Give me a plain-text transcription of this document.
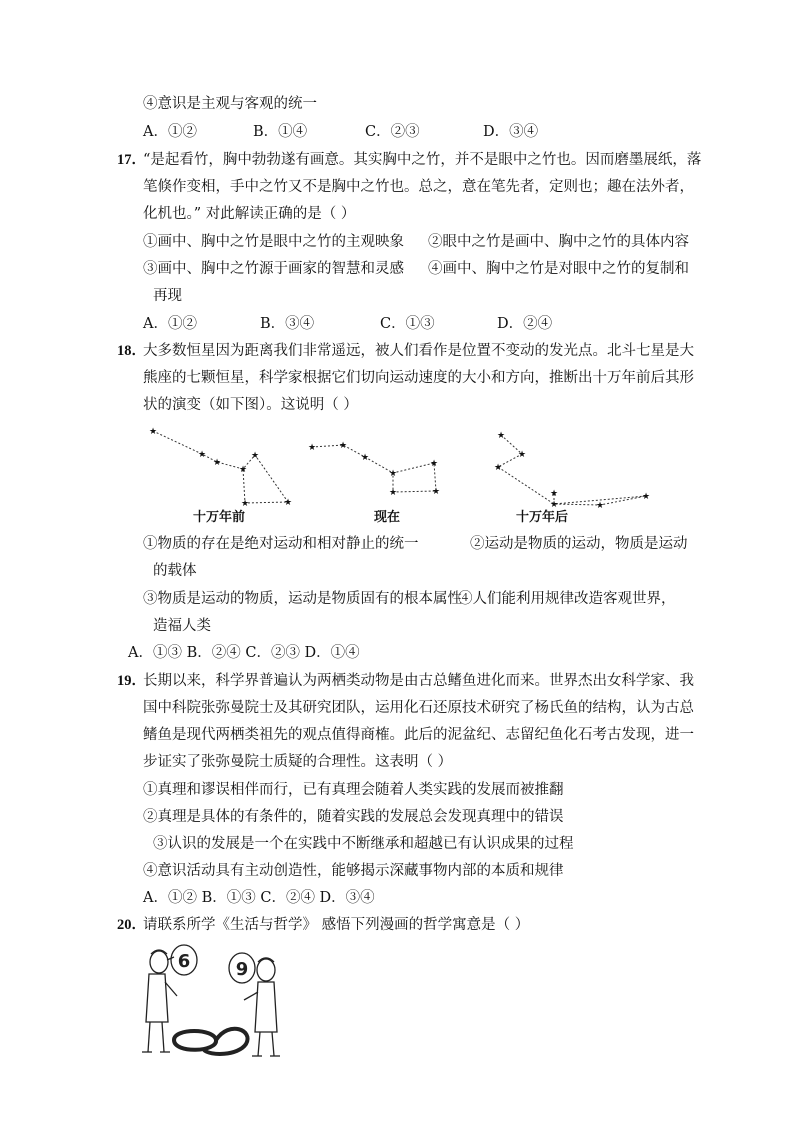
④意识是主观与客观的统一
A．①②	B．①④	C．②③	D．③④
17．
“是起看竹，胸中勃勃遂有画意。其实胸中之竹，并不是眼中之竹也。因而磨墨展纸，落
笔倏作变相，手中之竹又不是胸中之竹也。总之，意在笔先者，定则也；趣在法外者，
化机也。” 对此解读正确的是（ ）
①画中、胸中之竹是眼中之竹的主观映象 ②眼中之竹是画中、胸中之竹的具体内容
③画中、胸中之竹源于画家的智慧和灵感 ④画中、胸中之竹是对眼中之竹的复制和
再现
A．①②	B．③④	C．①③	D．②④
18．
大多数恒星因为距离我们非常遥远，被人们看作是位置不变动的发光点。北斗七星是大
熊座的七颗恒星，科学家根据它们切向运动速度的大小和方向，推断出十万年前后其形
状的演变（如下图）。这说明（ ）
★
★
★
★
★
★
★
★	★
★
★
★
★
★
★
★
★
★
★	★
★
十万年前	现在	十万年后
①物质的存在是绝对运动和相对静止的统一	②运动是物质的运动，物质是运动
的载体
③物质是运动的物质，运动是物质固有的根本属性
④人们能利用规律改造客观世界，
造福人类
A．①③ B．②④ C．②③ D．①④
19．
长期以来，科学界普遍认为两栖类动物是由古总鳍鱼进化而来。世界杰出女科学家、我
国中科院张弥曼院士及其研究团队，运用化石还原技术研究了杨氏鱼的结构，认为古总
鳍鱼是现代两栖类祖先的观点值得商榷。此后的泥盆纪、志留纪鱼化石考古发现，进一
步证实了张弥曼院士质疑的合理性。这表明（ ）
①真理和谬误相伴而行，已有真理会随着人类实践的发展而被推翻
②真理是具体的有条件的，随着实践的发展总会发现真理中的错误
③认识的发展是一个在实践中不断继承和超越已有认识成果的过程
④意识活动具有主动创造性，能够揭示深藏事物内部的本质和规律
A．①② B．①③ C．②④ D．③④
20．
请联系所学《生活与哲学》 感悟下列漫画的哲学寓意是（ ）
6	9
